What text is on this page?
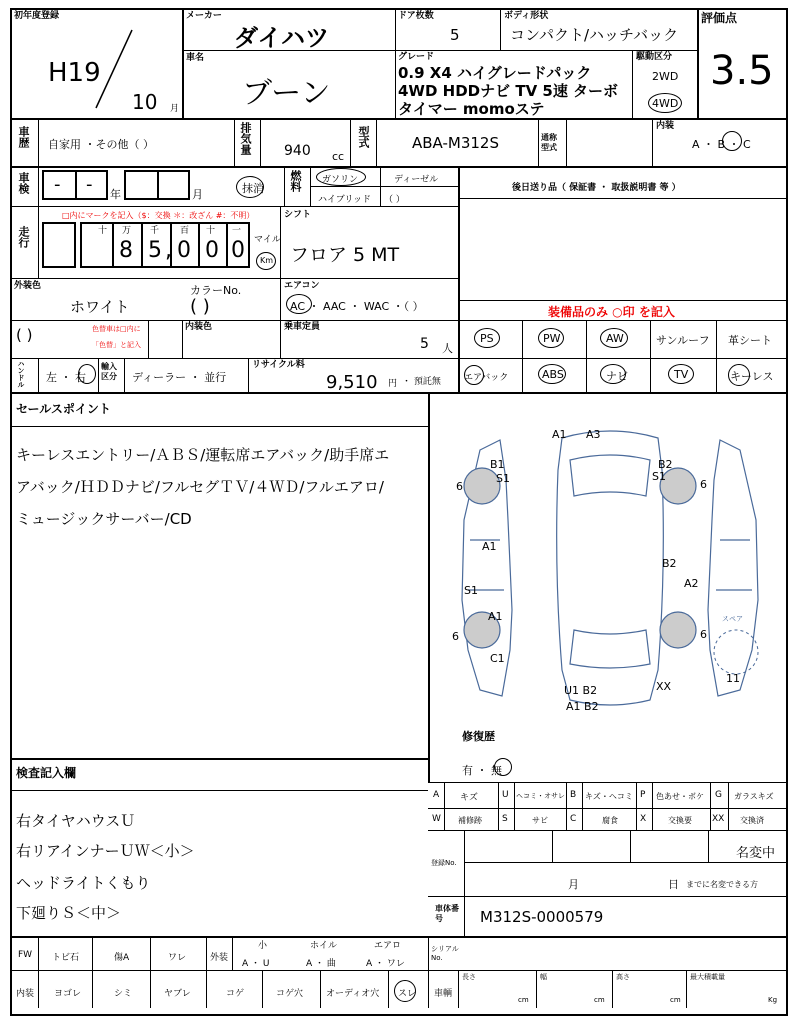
初年度登録
H19
10 月
メーカー
ダイハツ
ドア枚数
5
ボディ形状
コンパクト/ハッチバック
評価点
3.5
車名
ブーン
グレード
0.9 X4 ハイグレードパック
4WD HDDナビ TV 5速 ターボ
タイマー momoステ
駆動区分
2WD
4WD
車歴 自家用 ・その他（ ）	排気量 940 cc
型式	ABA-M312S	通称型式
内装
A ・ B ・ C
車検 - - 年	月	抹消 燃料 ガソリン	ディーゼル
ハイブリッド （ ）
後日送り品（ 保証書 ・ 取扱説明書 等 ）
走行
□内にマークを記入（$：交換 ＊：改ざん #：不明）
十 万 千 百 十 一
8 5 , 0 0 0 マイル
Km
シフト
フロア 5 MT
外装色
ホワイト
カラーNo.
( )
エアコン
AC ・ AAC ・ WAC ・（ ）	装備品のみ ○印 を記入
( )	色替車は□内に
「色替」と記入
内装色	乗車定員
5 人
PS	PW	AW	サンルーフ 革シート
エアバック	ABS	ナビ	TV	キーレス
ハンドル 左 ・ 右
輸入区分	ディーラー ・ 並行
リサイクル料
9,510 円 ・ 預託無
セールスポイント
キーレスエントリー/ＡＢＳ/運転席エアバック/助手席エ
アバック/ＨＤＤナビ/フルセグＴＶ/４ＷＤ/フルエアロ/
ミュージックサーバー/CD
A1 A3
B1
S1
B2
S1
6	6
A1
B2
A2
S1
A1
6	6
C1
XX
U1 B2
A1 B2
11
スペア
修復歴
有 ・ 無
検査記入欄
右タイヤハウスＵ
右リアインナーＵＷ＜小＞
ヘッドライトくもり
下廻りＳ＜中＞
A キズ	U ヘコミ・オサレ B キズ・ヘコミ P 色あせ・ボケ G ガラスキズ
W 補修跡 S	サビ C	腐食 X	交換要 XX 交換済
登録No.
名変中
月	日 までに名変できる方
車体番号	M312S-0000579
FW トビ石	傷A	ワレ	外装
小
A ・ U
ホイル
A ・ 曲
エアロ
A ・ ワレ
シリアルNo.
内装 ヨゴレ	シミ	ヤブレ	コゲ	コゲ穴	オーディオ穴 スレ 車輌
長さ
cm
幅
cm
高さ
cm
最大積載量
Kg
